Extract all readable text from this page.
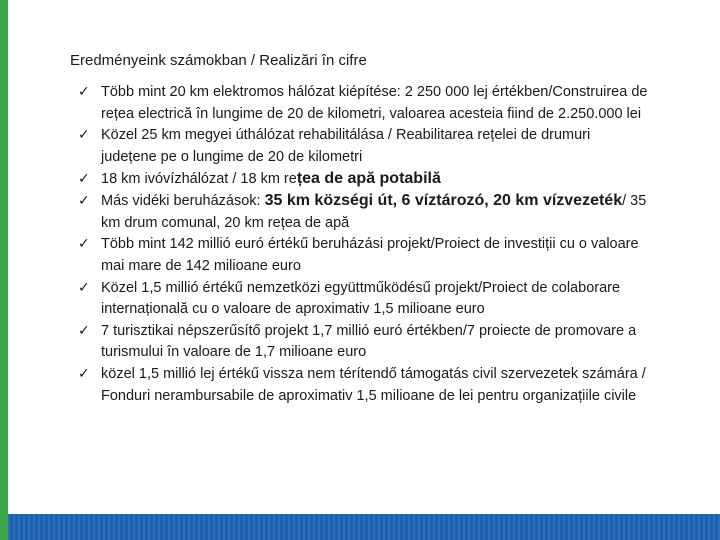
Eredményeink számokban / Realizări în cifre
✓ Több mint 20 km elektromos hálózat kiépítése: 2 250 000 lej értékben/Construirea de rețea electrică în lungime de 20 de kilometri, valoarea acesteia fiind de 2.250.000 lei
✓ Közel 25 km megyei úthálózat rehabilitálása / Reabilitarea rețelei de drumuri județene pe o lungime de 20 de kilometri
✓ 18 km ivóvízhálózat / 18 km rețea de apă potabilă
✓ Más vidéki beruházások: 35 km községi út, 6 víztározó, 20 km vízvezeték/ 35 km drum comunal, 20 km rețea de apă
✓ Több mint 142 millió euró értékű beruházási projekt/Proiect de investiții cu o valoare mai mare de 142 milioane euro
✓ Közel 1,5 millió értékű nemzetközi együttműködésű projekt/Proiect de colaborare internațională cu o valoare de aproximativ 1,5 milioane euro
✓ 7 turisztikai népszerűsítő projekt 1,7 millió euró értékben/7 proiecte de promovare a turismului în valoare de 1,7 milioane euro
✓ közel 1,5 millió lej értékű vissza nem térítendő támogatás civil szervezetek számára / Fonduri nerambursabile de aproximativ 1,5 milioane de lei pentru organizațiile civile
